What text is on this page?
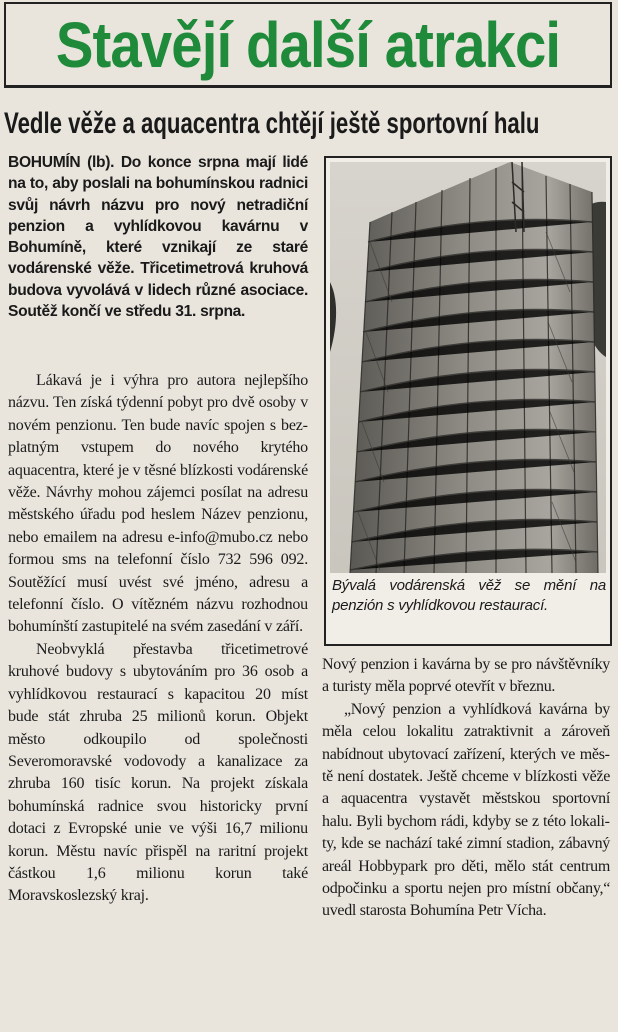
Stavějí další atrakci
Vedle věže a aquacentra chtějí ještě sportovní halu
BOHUMÍN (lb). Do konce srpna mají lidé na to, aby poslali na bohumínskou radnici svůj návrh názvu pro nový netradiční penzion a vyhlídkovou kavárnu v Bohumíně, které vznikají ze staré vodárenské věže. Třicetimetrová kruhová budova vyvolává v lidech různé asociace. Soutěž končí ve středu 31. srpna.

Lákavá je i výhra pro autora nejlepšího názvu. Ten získá týdenní pobyt pro dvě osoby v novém penzionu. Ten bude navíc spojen s bezplatným vstupem do nového krytého aquacentra, které je v těsné blízkosti vodárenské věže. Návrhy mohou zájemci posílat na adresu městského úřadu pod heslem Název penzionu, nebo emailem na adresu e-info@mubo.cz nebo formou sms na telefonní číslo 732 596 092. Soutěžící musí uvést své jméno, adresu a telefonní číslo. O vítězném názvu rozhodnou bohumínští zastupitelé na svém zasedání v září.

Neobvyklá přestavba třicetimetrové kruhové budovy s ubytováním pro 36 osob a vyhlídkovou restaurací s kapacitou 20 míst bude stát zhruba 25 milionů korun. Objekt město odkoupilo od společnosti Severomoravské vodovody a kanalizace za zhruba 160 tisíc korun. Na projekt získala bohumínská radnice svou historicky první dotaci z Evropské unie ve výši 16,7 milionu korun. Městu navíc přispěl na raritní projekt částkou 1,6 milionu korun také Moravskoslezský kraj.

Bývalá vodárenská věž se mění na penzión s vyhlídkovou restaurací.

Nový penzion i kavárna by se pro návštěvníky a turisty měla poprvé otevřít v březnu.

„Nový penzion a vyhlídková kavárna by měla celou lokalitu zatraktivnit a zároveň nabídnout ubytovací zařízení, kterých ve městě není dostatek. Ještě chceme v blízkosti věže a aquacentra vystavět městskou sportovní halu. Byli bychom rádi, kdyby se z této lokality, kde se nachází také zimní stadion, zábavný areál Hobbypark pro děti, mělo stát centrum odpočinku a sportu nejen pro místní občany,“ uvedl starosta Bohumína Petr Vícha.
